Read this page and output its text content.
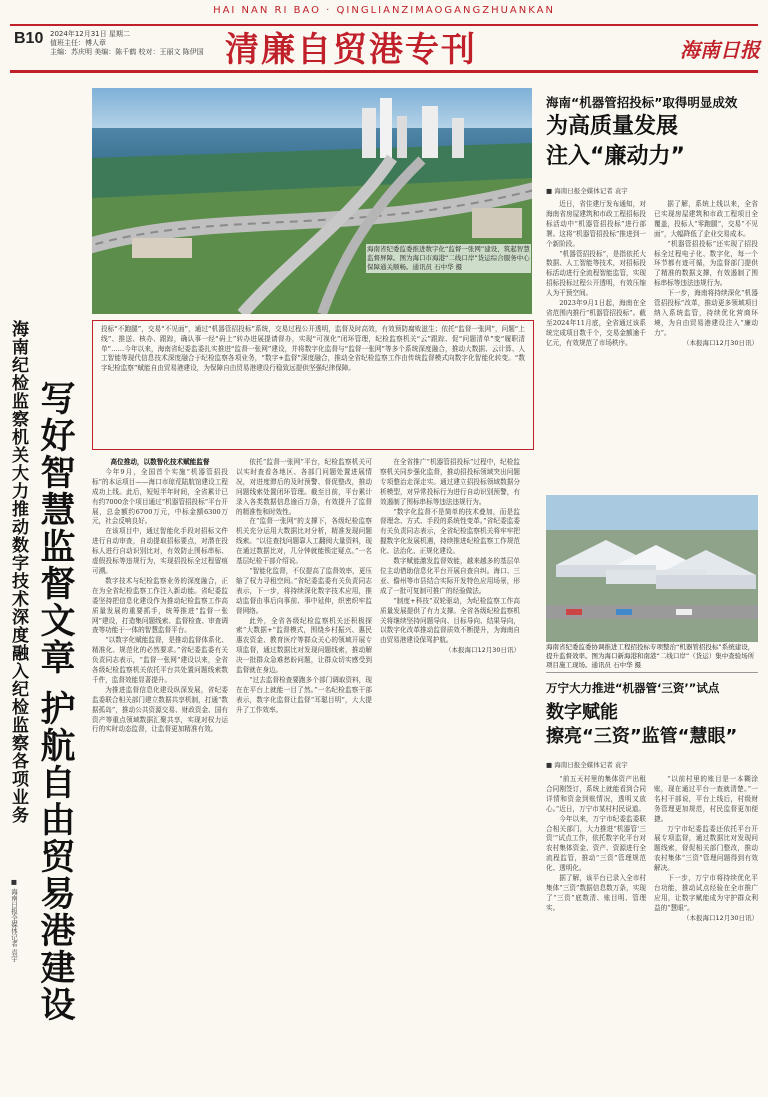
HAI NAN RI BAO · QINGLIANZIMAOGANGZHUANKAN
B10 2024年12月31日 星期二
值班主任：傅人章
主编：苏庆明 美编：陈千鹤 校对：王丽文 陈伊国 清廉自贸港专刊	海南日报
海南省纪委监委推进数字化“监督一张网”建设，筑起智慧监督屏障。图为海口市海港“二线口岸”货运综合服务中心保障通关顺畅。通讯员 石中华 摄
投标“不跑腿”，交易“不见面”，通过“机器管招投标”系统，交易过程公开透明，监督及时高效，有效预防腐败滋生；依托“监督一张网”，问题“上线”、推送、核办、跟踪，确认事一经“码上”转办进展提请督办，实现“可视化”闭环管理，纪检监察机关“云”跟踪、促“问题清单”变“履职清单”……今年以来，海南省纪委监委扎实推进“监督一张网”建设，并将数字化监督与“监督一张网”等多个系统深度融合，推动大数据、云计算、人工智能等现代信息技术深度融合于纪检监察各项业务，“数字+监督”深度融合，推动全省纪检监察工作由传统监督模式向数字化智能化转变。“数字纪检监察”赋能自由贸易港建设，为保障自由贸易港建设行稳致远提供坚强纪律保障。
海南纪检监察机关大力推动数字技术深度融入纪检监察各项业务 写好智慧监督文章 护航自由贸易港建设
■ 海南日报全媒体记者 袁宇

高位推动，以数智化技术赋能监督

今年9月，全国首个实施“机器管招投标”的本运项目——海口市琼荒陆航馆建设工程成功上线。此后，短短半年时间，全省累计已有约7000余个项目通过“机器管招投标”平台开展，总金额约6700万元，中标金额6300万元，社会反响良好。

在该项目中，通过智能化手段对招标文件进行自动审查，自动提取招标要点，对潜在投标人进行自动识别比对，有效防止围标串标、虚假投标等违规行为，实现招投标全过程留痕可溯。

数字技术与纪检监察业务的深度融合，正在为全省纪检监察工作注入新动能。省纪委监委坚持把信息化建设作为推动纪检监察工作高质量发展的重要抓手，统筹推进“监督一张网”建设，打造集问题线索、监督检查、审查调查等功能于一体的智慧监督平台。

“以数字化赋能监督，是推动监督体系化、精准化、规范化的必然要求。”省纪委监委有关负责同志表示，“监督一张网”建设以来，全省各级纪检监察机关依托平台共处置问题线索数千件，监督效能显著提升。

为推进监督信息化建设纵深发展，省纪委监委联合相关部门建立数据共享机制，打通“数据孤岛”，推动公共资源交易、财政资金、国有资产等重点领域数据汇聚共享，实现对权力运行的实时动态监督，让监督更加精准有效。

依托“监督一张网”平台，纪检监察机关可以实时查看各地区、各部门问题处置进展情况，对进度滞后的及时预警、督促整改，推动问题线索处置闭环管理。截至目前，平台累计录入各类数据信息逾百万条，有效提升了监督的精准性和时效性。

在“监督一张网”的支撑下，各级纪检监察机关充分运用大数据比对分析，精准发现问题线索。“以往查找问题靠人工翻阅大量资料，现在通过数据比对，几分钟就能锁定疑点。”一名基层纪检干部介绍说。

“智能化监督，不仅提高了监督效率，更压缩了权力寻租空间。”省纪委监委有关负责同志表示，下一步，将持续深化数字技术应用，推动监督由事后向事前、事中延伸，织密织牢监督网络。

此外，全省各级纪检监察机关还积极探索“大数据+”监督模式，围绕乡村振兴、惠民惠农资金、教育医疗等群众关心的领域开展专项监督，通过数据比对发现问题线索，推动解决一批群众急难愁盼问题，让群众切实感受到监督就在身边。

“过去监督检查要跑多个部门调取资料，现在在平台上就能一目了然。”一名纪检监察干部表示，数字化监督让监督“耳聪目明”，大大提升了工作效率。

在全省推广“机器管招投标”过程中，纪检监察机关同步强化监督，推动招投标领域突出问题专项整治走深走实。通过建立招投标领域数据分析模型，对异常投标行为进行自动识别预警，有效遏制了围标串标等违法违规行为。

“数字化监督不是简单的技术叠加，而是监督理念、方式、手段的系统性变革。”省纪委监委有关负责同志表示，全省纪检监察机关将牢牢把握数字化发展机遇，持续推进纪检监察工作规范化、法治化、正规化建设。

数字赋能激发监督效能，越来越多的基层单位主动借助信息化平台开展自查自纠。海口、三亚、儋州等市县结合实际开发特色应用场景，形成了一批可复制可推广的经验做法。

“制度+科技”双轮驱动，为纪检监察工作高质量发展提供了有力支撑。全省各级纪检监察机关将继续坚持问题导向、目标导向、结果导向，以数字化改革推动监督质效不断提升，为海南自由贸易港建设保驾护航。

（本报海口12月30日讯）

海南“机器管招投标”取得明显成效
为高质量发展
注入“廉动力”
■ 海南日报全媒体记者 袁宇

近日，省住建厅发布通知，对海南省房屋建筑和市政工程招标投标活动中“机器管招投标”进行部署。这将“机器管招投标”推进到一个新阶段。

“机器管招投标”，是指依托大数据、人工智能等技术，对招标投标活动进行全流程智能监管，实现招标投标过程公开透明，有效压缩人为干预空间。

2023年9月1日起，海南在全省范围内推行“机器管招投标”。截至2024年11月底，全省通过该系统完成项目数千个，交易金额逾千亿元，有效规范了市场秩序。

据了解，系统上线以来，全省已实现房屋建筑和市政工程项目全覆盖，投标人“零跑腿”，交易“不见面”，大幅降低了企业交易成本。

“机器管招投标”还实现了招投标全过程电子化、数字化，每一个环节都有迹可循，为监督部门提供了精准的数据支撑，有效遏制了围标串标等违法违规行为。

下一步，海南将持续深化“机器管招投标”改革，推动更多领域项目纳入系统监管，持续优化营商环境，为自由贸易港建设注入“廉动力”。

（本报海口12月30日讯）

海南省纪委监委协调推进工程招投标专项整治“机器管招投标”系统建设，提升监督效率。图为海口新海港和南港“二线口岸”（货运）集中查验场所项目施工现场。通讯员 石中华 摄
万宁大力推进“机器管‘三资’”试点
数字赋能
擦亮“三资”监管“慧眼”
■ 海南日报全媒体记者 袁宇

“前五天村里的集体资产出租合同刚签订，系统上就能看到合同详情和资金到账情况，透明又放心。”近日，万宁市某村村民说道。

今年以来，万宁市纪委监委联合相关部门，大力推进“机器管‘三资’”试点工作，依托数字化平台对农村集体资金、资产、资源进行全流程监管，推动“三资”管理规范化、透明化。

据了解，该平台已录入全市村集体“三资”数据信息数万条，实现了“三资”底数清、账目明、管理实。

“以前村里的账目是一本糊涂账，现在通过平台一查就清楚。”一名村干部说，平台上线后，村级财务管理更加规范，村民监督更加便捷。

万宁市纪委监委还依托平台开展专项监督，通过数据比对发现问题线索，督促相关部门整改，推动农村集体“三资”管理问题得到有效解决。

下一步，万宁市将持续优化平台功能，推动试点经验在全市推广应用，让数字赋能成为守护群众利益的“慧眼”。

（本报海口12月30日讯）
